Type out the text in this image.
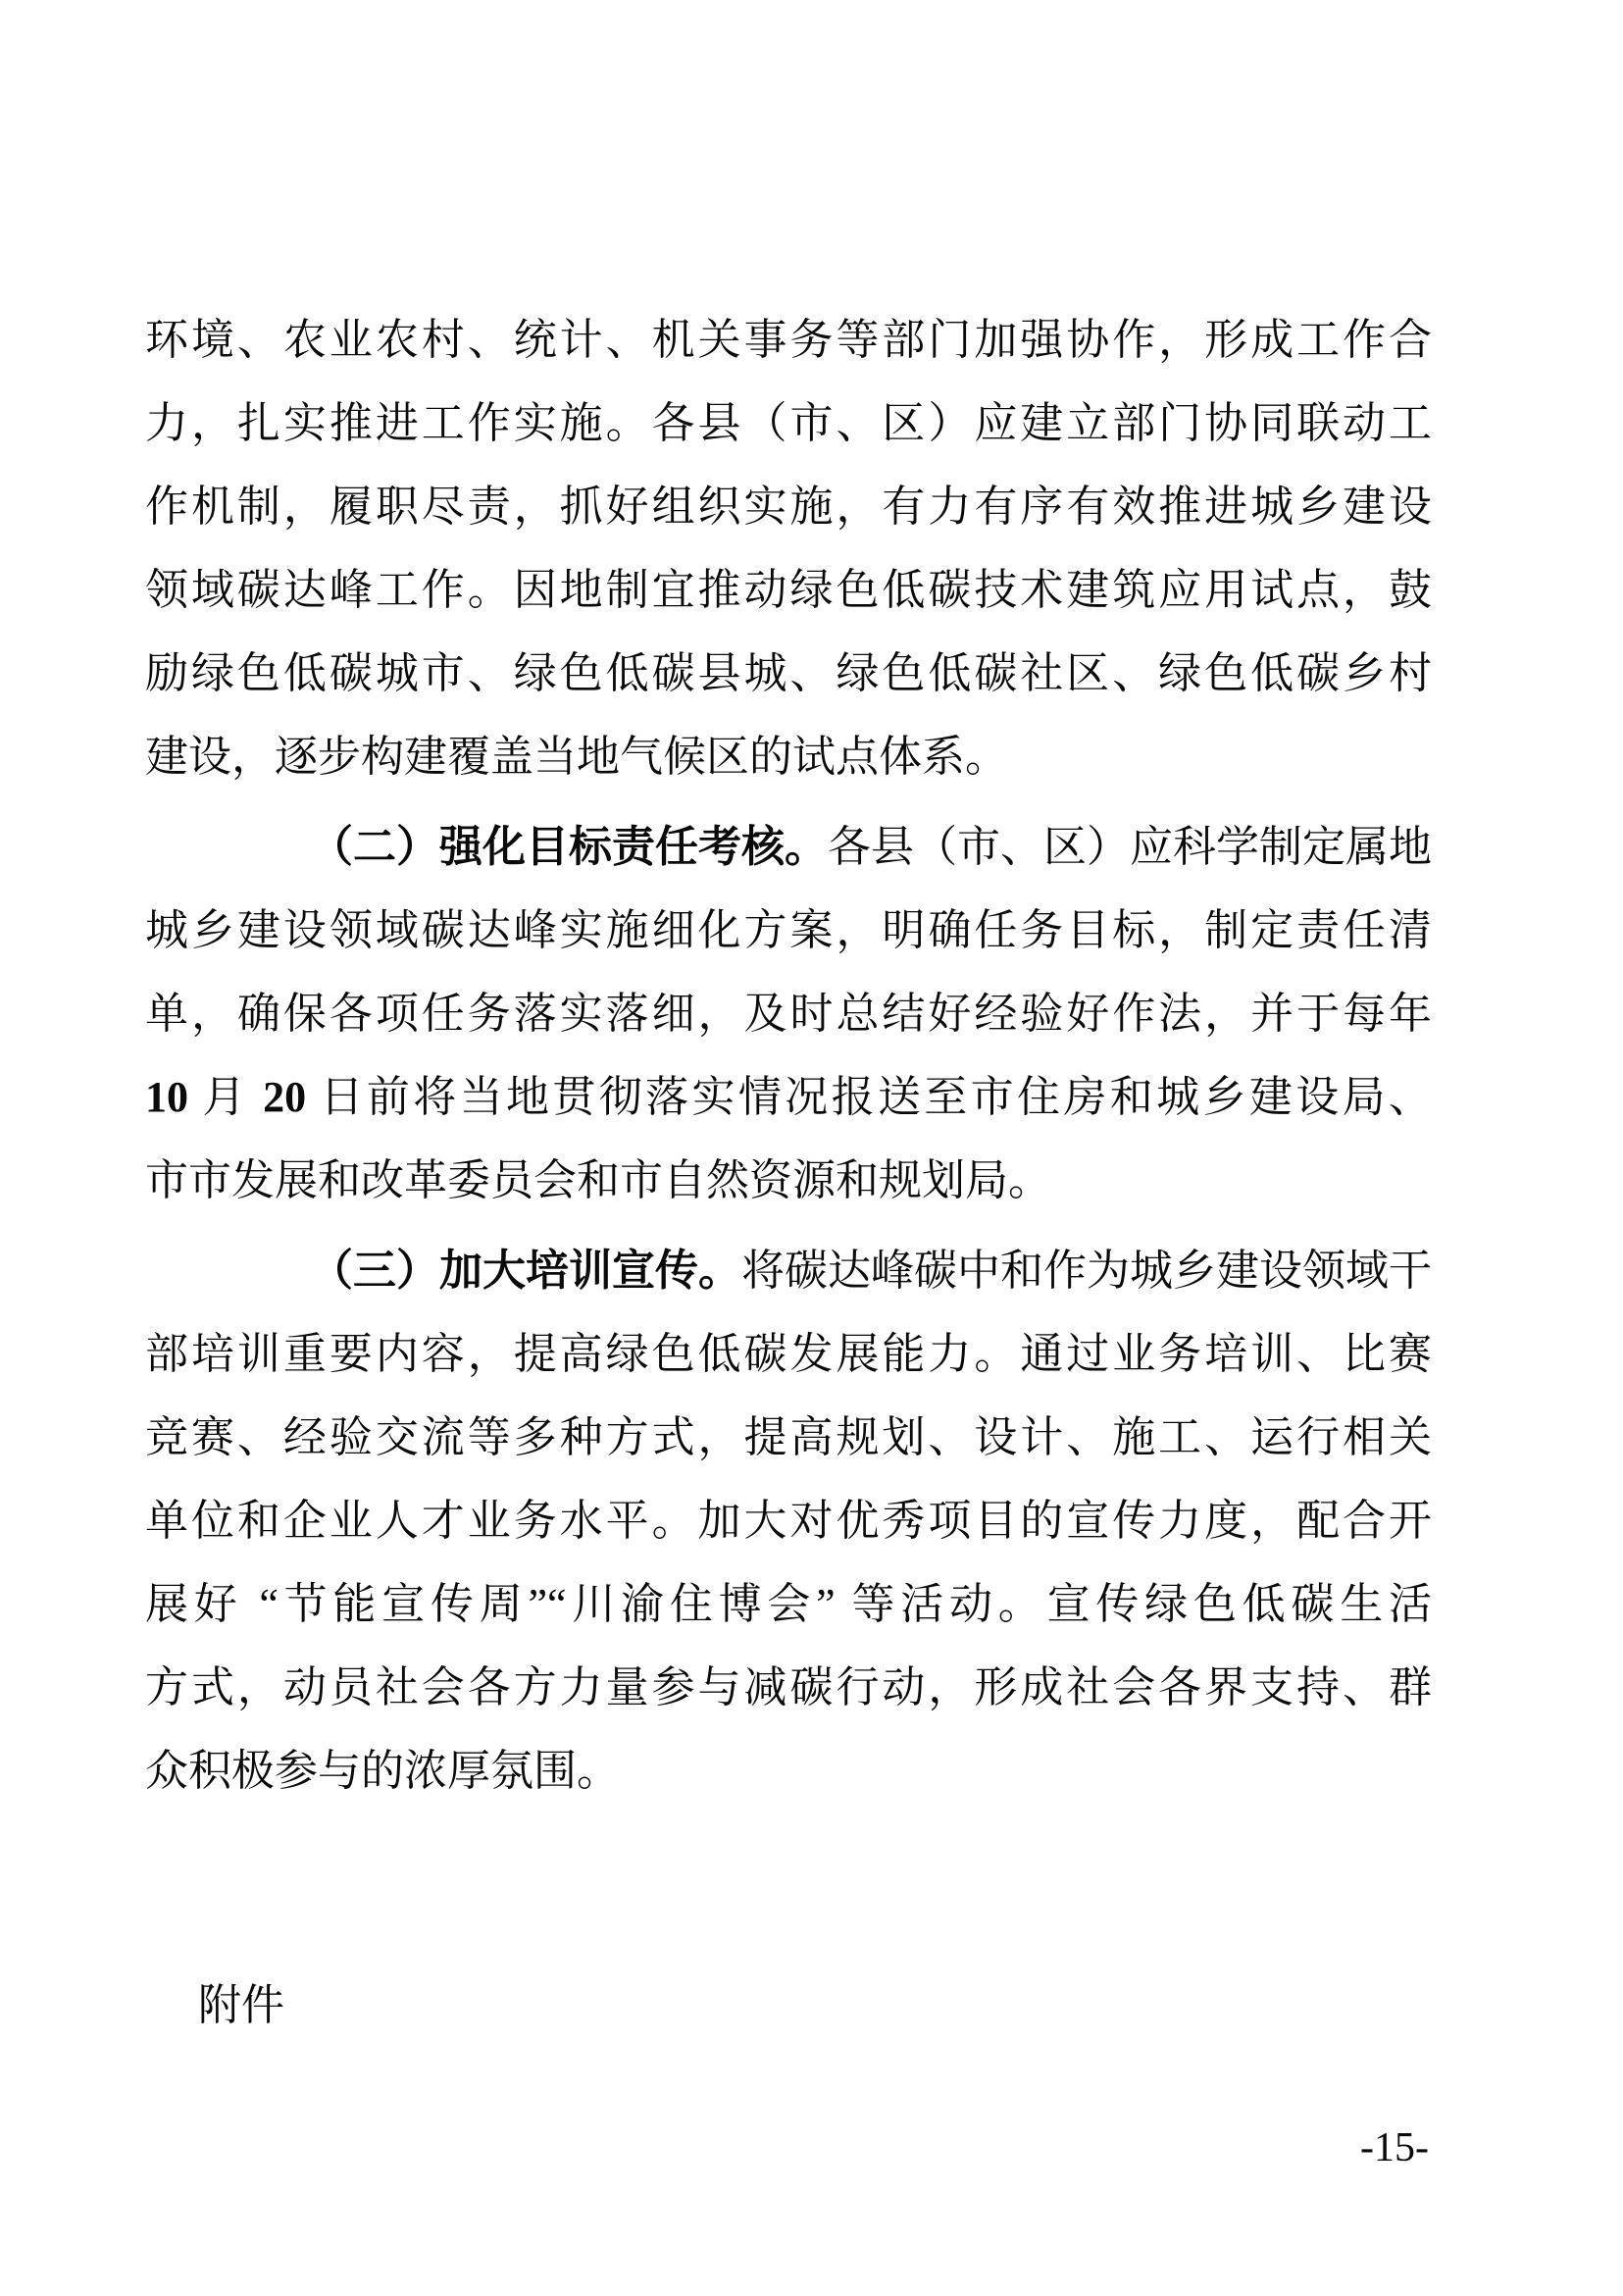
环境、农业农村、统计、机关事务等部门加强协作，形成工作合
力，扎实推进工作实施。各县（市、区）应建立部门协同联动工
作机制，履职尽责，抓好组织实施，有力有序有效推进城乡建设
领域碳达峰工作。因地制宜推动绿色低碳技术建筑应用试点，鼓
励绿色低碳城市、绿色低碳县城、绿色低碳社区、绿色低碳乡村
建设，逐步构建覆盖当地气候区的试点体系。
（二）强化目标责任考核。各县（市、区）应科学制定属地
城乡建设领域碳达峰实施细化方案，明确任务目标，制定责任清
单，确保各项任务落实落细，及时总结好经验好作法，并于每年
10 月 20 日前将当地贯彻落实情况报送至市住房和城乡建设局、
市市发展和改革委员会和市自然资源和规划局。
（三）加大培训宣传。将碳达峰碳中和作为城乡建设领域干
部培训重要内容，提高绿色低碳发展能力。通过业务培训、比赛
竞赛、经验交流等多种方式，提高规划、设计、施工、运行相关
单位和企业人才业务水平。加大对优秀项目的宣传力度，配合开
展好 “节能宣传周”“川渝住博会” 等活动。宣传绿色低碳生活
方式，动员社会各方力量参与减碳行动，形成社会各界支持、群
众积极参与的浓厚氛围。
附件
-15-
